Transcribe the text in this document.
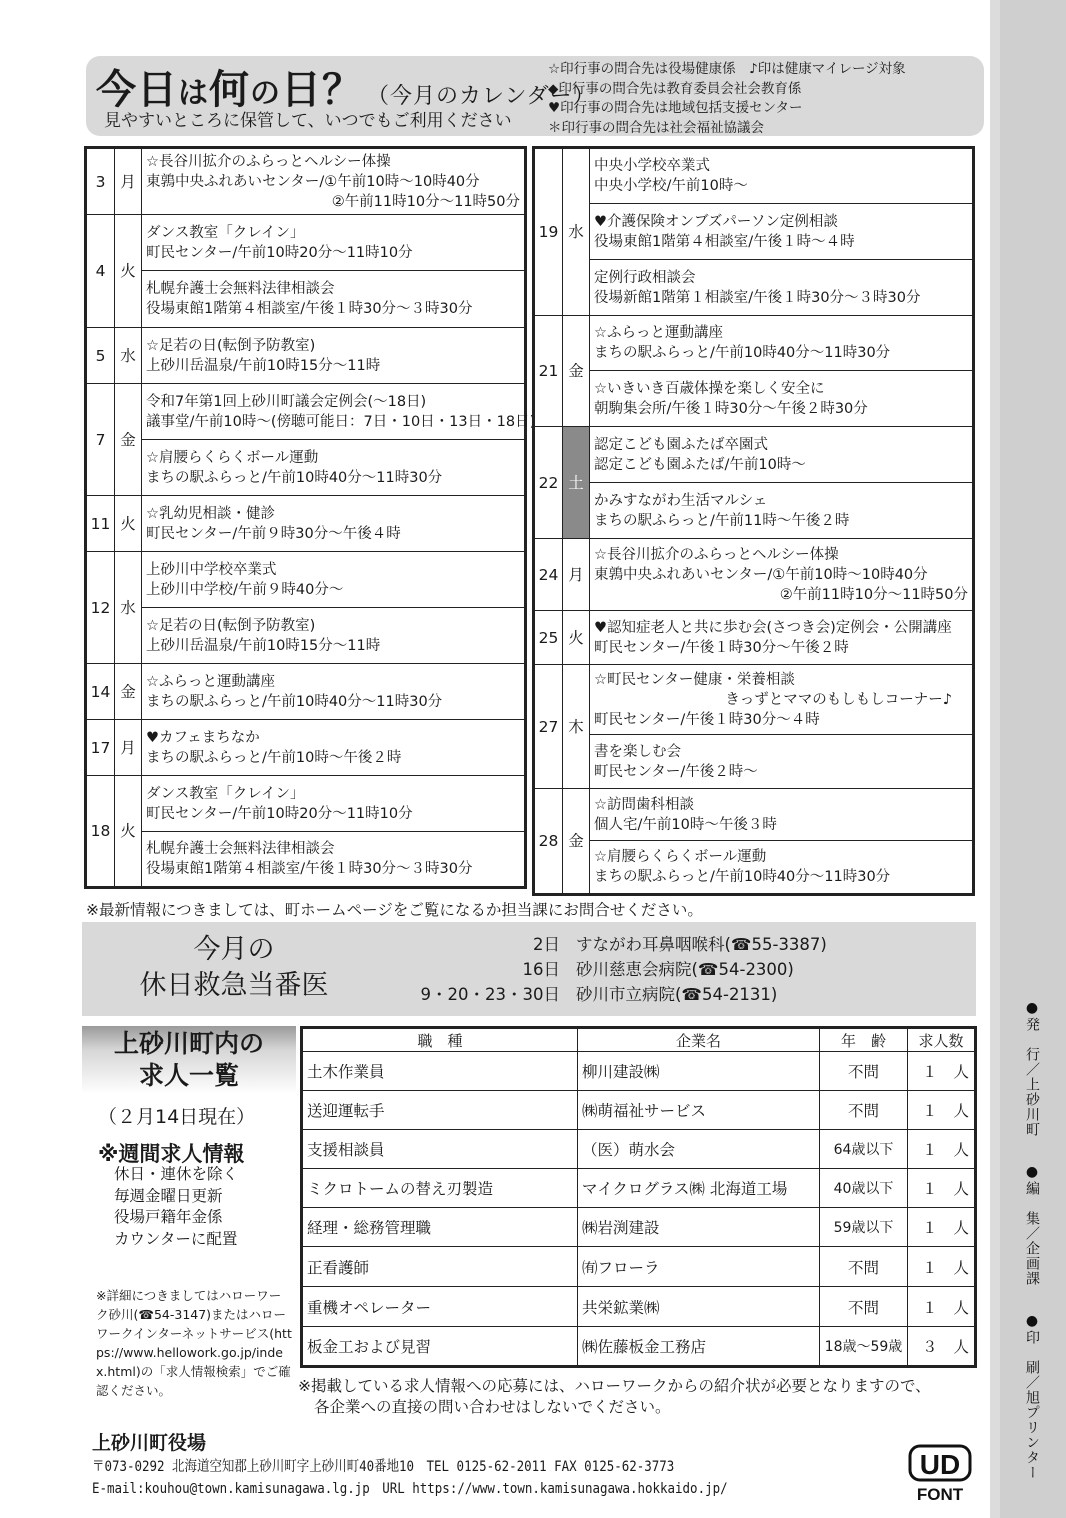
●発　行／上砂川町 ●編　集／企画課 ●印　刷／旭プリンター
今日は何の日？ （今月のカレンダー）
見やすいところに保管して、いつでもご利用ください
☆印行事の問合先は役場健康係　♪印は健康マイレージ対象
◆印行事の問合先は教育委員会社会教育係
♥印行事の問合先は地域包括支援センター
＊印行事の問合先は社会福祉協議会
3	月	☆長谷川拡介のふらっとヘルシー体操
東鶉中央ふれあいセンター/①午前10時～10時40分
②午前11時10分～11時50分

4	火	ダンス教室「クレイン」
町民センター/午前10時20分～11時10分

		札幌弁護士会無料法律相談会
役場東館1階第４相談室/午後１時30分～３時30分

5	水	☆足若の日(転倒予防教室)
上砂川岳温泉/午前10時15分～11時

7	金	令和7年第1回上砂川町議会定例会(～18日)
議事堂/午前10時～(傍聴可能日：7日・10日・13日・18日)

		☆肩腰らくらくボール運動
まちの駅ふらっと/午前10時40分～11時30分

11	火	☆乳幼児相談・健診
町民センター/午前９時30分～午後４時

12	水	上砂川中学校卒業式
上砂川中学校/午前９時40分～

		☆足若の日(転倒予防教室)
上砂川岳温泉/午前10時15分～11時

14	金	☆ふらっと運動講座
まちの駅ふらっと/午前10時40分～11時30分

17	月	♥カフェまちなか
まちの駅ふらっと/午前10時～午後２時

18	火	ダンス教室「クレイン」
町民センター/午前10時20分～11時10分

		札幌弁護士会無料法律相談会
役場東館1階第４相談室/午後１時30分～３時30分
19	水	中央小学校卒業式
中央小学校/午前10時～

		♥介護保険オンブズパーソン定例相談
役場東館1階第４相談室/午後１時～４時

		定例行政相談会
役場新館1階第１相談室/午後１時30分～３時30分

21	金	☆ふらっと運動講座
まちの駅ふらっと/午前10時40分～11時30分

		☆いきいき百歳体操を楽しく安全に
朝駒集会所/午後１時30分～午後２時30分

22	土	認定こども園ふたば卒園式
認定こども園ふたば/午前10時～

		かみすながわ生活マルシェ
まちの駅ふらっと/午前11時～午後２時

24	月	☆長谷川拡介のふらっとヘルシー体操
東鶉中央ふれあいセンター/①午前10時～10時40分
②午前11時10分～11時50分

25	火	♥認知症老人と共に歩む会(さつき会)定例会・公開講座
町民センター/午後１時30分～午後２時

27	木	☆町民センター健康・栄養相談
きっずとママのもしもしコーナー♪
町民センター/午後１時30分～４時

		書を楽しむ会
町民センター/午後２時～

28	金	☆訪問歯科相談
個人宅/午前10時～午後３時

		☆肩腰らくらくボール運動
まちの駅ふらっと/午前10時40分～11時30分
※最新情報につきましては、町ホームページをご覧になるか担当課にお問合せください。
今月の
休日救急当番医
2日 すながわ耳鼻咽喉科(☎55-3387)
16日 砂川慈恵会病院(☎54-2300)
9・20・23・30日 砂川市立病院(☎54-2131)
上砂川町内の
求人一覧
（２月14日現在）
※週間求人情報
休日・連休を除く
毎週金曜日更新
役場戸籍年金係
カウンターに配置
※詳細につきましてはハローワーク砂川(☎54-3147)またはハローワークインターネットサービス(https://www.hellowork.go.jp/index.html)の「求人情報検索」でご確認ください。
職　種	企業名	年　齢	求人数
土木作業員	柳川建設㈱	不問	１人
送迎運転手	㈱萌福祉サービス	不問	１人
支援相談員	（医）萌水会	64歳以下	１人
ミクロトームの替え刃製造	マイクログラス㈱ 北海道工場	40歳以下	１人
経理・総務管理職	㈱岩渕建設	59歳以下	１人
正看護師	㈲フローラ	不問	１人
重機オペレーター	共栄鉱業㈱	不問	１人
板金工および見習	㈱佐藤板金工務店	18歳～59歳	３人
※掲載している求人情報への応募には、ハローワークからの紹介状が必要となりますので、
各企業への直接の問い合わせはしないでください。
上砂川町役場
〒073-0292 北海道空知郡上砂川町字上砂川町40番地10　TEL 0125-62-2011 FAX 0125-62-3773
E-mail:kouhou@town.kamisunagawa.lg.jp　URL https://www.town.kamisunagawa.hokkaido.jp/
UD
FONT
